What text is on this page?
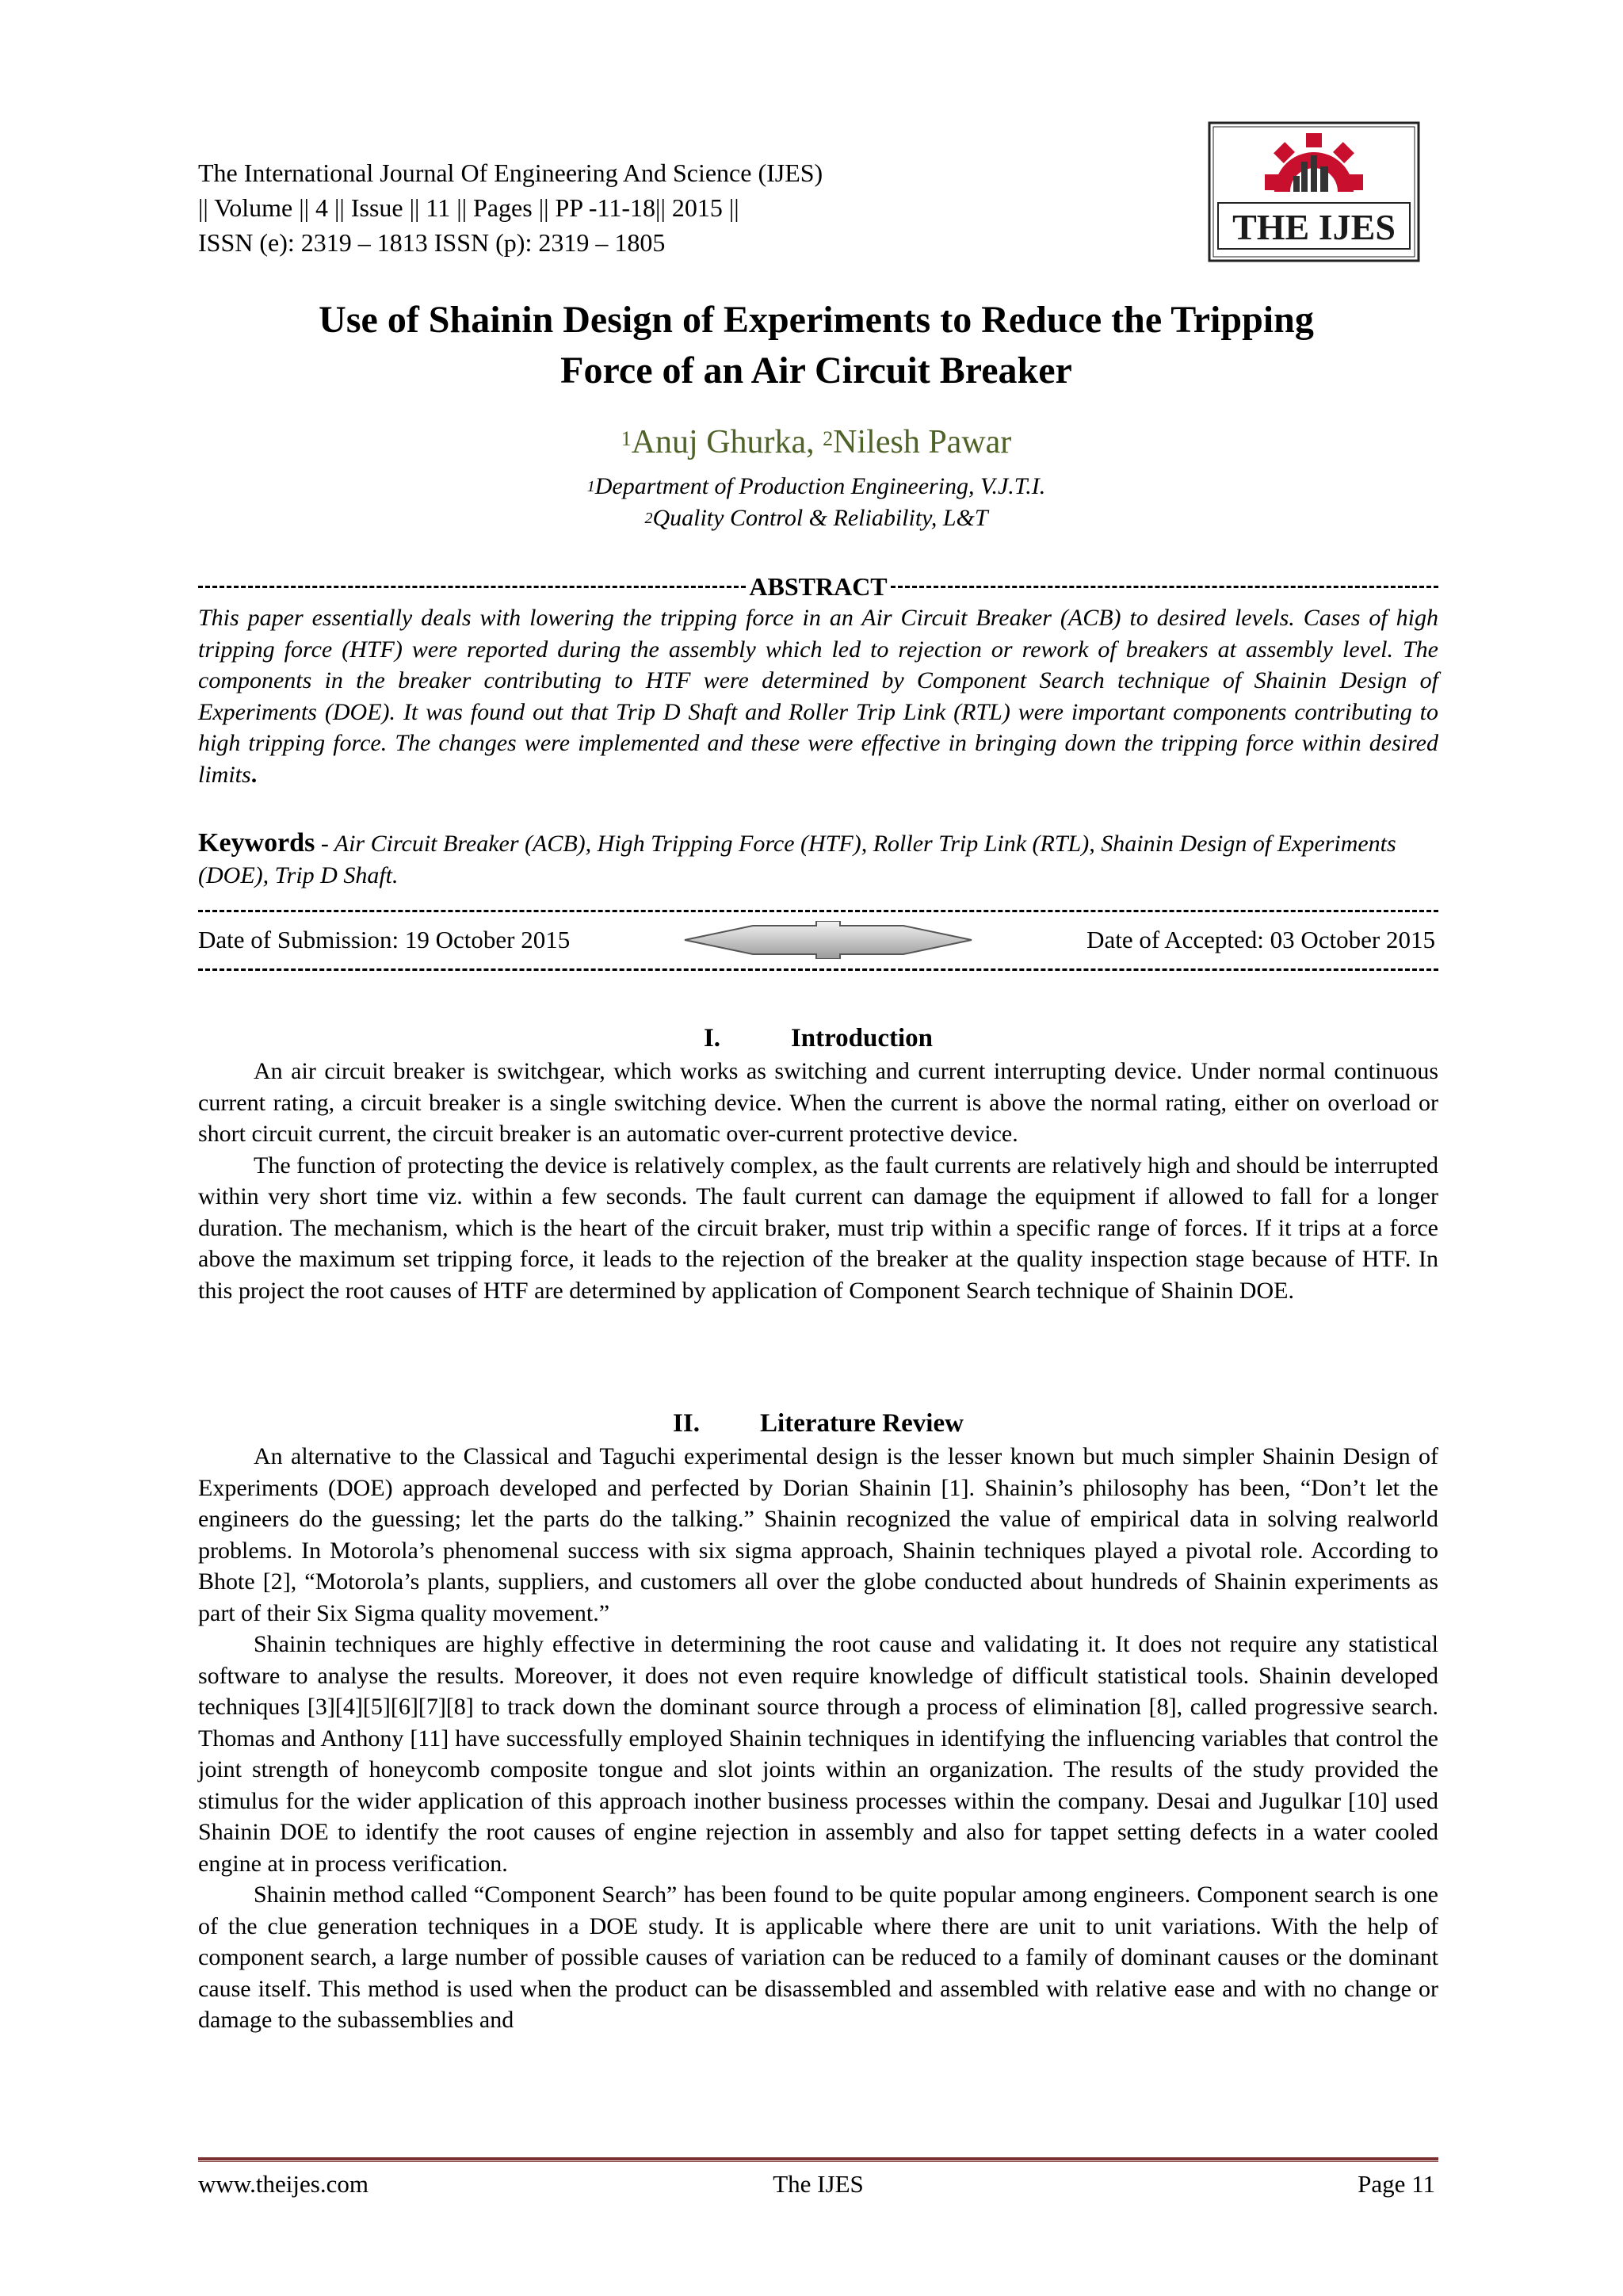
The International Journal Of Engineering And Science (IJES)
|| Volume || 4 || Issue || 11 || Pages || PP -11-18|| 2015 ||
ISSN (e): 2319 – 1813 ISSN (p): 2319 – 1805	THE IJES
Use of Shainin Design of Experiments to Reduce the Tripping
Force of an Air Circuit Breaker
$^1$Anuj Ghurka, $^2$Nilesh Pawar
$^1$Department of Production Engineering, V.J.T.I.
$^2$Quality Control & Reliability, L&T
ABSTRACT
This paper essentially deals with lowering the tripping force in an Air Circuit Breaker (ACB) to desired levels. Cases of high tripping force (HTF) were reported during the assembly which led to rejection or rework of breakers at assembly level. The components in the breaker contributing to HTF were determined by Component Search technique of Shainin Design of Experiments (DOE). It was found out that Trip D Shaft and Roller Trip Link (RTL) were important components contributing to high tripping force. The changes were implemented and these were effective in bringing down the tripping force within desired limits.
Keywords - Air Circuit Breaker (ACB), High Tripping Force (HTF), Roller Trip Link (RTL), Shainin Design of Experiments (DOE), Trip D Shaft.
Date of Submission: 19 October 2015	Date of Accepted: 03 October 2015
I.	Introduction

An air circuit breaker is switchgear, which works as switching and current interrupting device. Under normal continuous current rating, a circuit breaker is a single switching device. When the current is above the normal rating, either on overload or short circuit current, the circuit breaker is an automatic over-current protective device.

The function of protecting the device is relatively complex, as the fault currents are relatively high and should be interrupted within very short time viz. within a few seconds. The fault current can damage the equipment if allowed to fall for a longer duration. The mechanism, which is the heart of the circuit braker, must trip within a specific range of forces. If it trips at a force above the maximum set tripping force, it leads to the rejection of the breaker at the quality inspection stage because of HTF. In this project the root causes of HTF are determined by application of Component Search technique of Shainin DOE.

II. Literature Review

An alternative to the Classical and Taguchi experimental design is the lesser known but much simpler Shainin Design of Experiments (DOE) approach developed and perfected by Dorian Shainin [1]. Shainin’s philosophy has been, “Don’t let the engineers do the guessing; let the parts do the talking.” Shainin recognized the value of empirical data in solving realworld problems. In Motorola’s phenomenal success with six sigma approach, Shainin techniques played a pivotal role. According to Bhote [2], “Motorola’s plants, suppliers, and customers all over the globe conducted about hundreds of Shainin experiments as part of their Six Sigma quality movement.”

Shainin techniques are highly effective in determining the root cause and validating it. It does not require any statistical software to analyse the results. Moreover, it does not even require knowledge of difficult statistical tools. Shainin developed techniques [3][4][5][6][7][8] to track down the dominant source through a process of elimination [8], called progressive search. Thomas and Anthony [11] have successfully employed Shainin techniques in identifying the influencing variables that control the joint strength of honeycomb composite tongue and slot joints within an organization. The results of the study provided the stimulus for the wider application of this approach inother business processes within the company. Desai and Jugulkar [10] used Shainin DOE to identify the root causes of engine rejection in assembly and also for tappet setting defects in a water cooled engine at in process verification.

Shainin method called “Component Search” has been found to be quite popular among engineers. Component search is one of the clue generation techniques in a DOE study. It is applicable where there are unit to unit variations. With the help of component search, a large number of possible causes of variation can be reduced to a family of dominant causes or the dominant cause itself. This method is used when the product can be disassembled and assembled with relative ease and with no change or damage to the subassemblies and

www.theijes.com	The IJES	Page 11
